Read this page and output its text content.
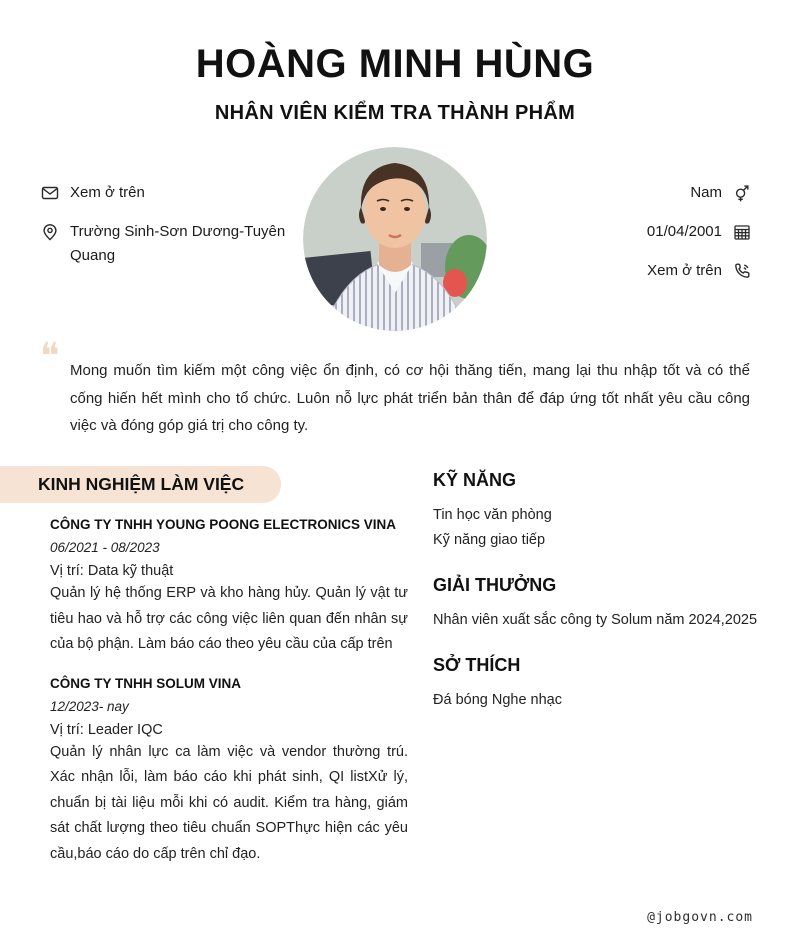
HOÀNG MINH HÙNG
NHÂN VIÊN KIỂM TRA THÀNH PHẨM
Xem ở trên
Trường Sinh-Sơn Dương-Tuyên Quang
Nam
01/04/2001
Xem ở trên
❝ Mong muốn tìm kiếm một công việc ổn định, có cơ hội thăng tiến, mang lại thu nhập tốt và có thể cống hiến hết mình cho tổ chức. Luôn nỗ lực phát triển bản thân để đáp ứng tốt nhất yêu cầu công việc và đóng góp giá trị cho công ty.

KINH NGHIỆM LÀM VIỆC
CÔNG TY TNHH YOUNG POONG ELECTRONICS VINA
06/2021 - 08/2023
Vị trí: Data kỹ thuật
Quản lý hệ thống ERP và kho hàng hủy. Quản lý vật tư tiêu hao và hỗ trợ các công việc liên quan đến nhân sự của bộ phận. Làm báo cáo theo yêu cầu của cấp trên
CÔNG TY TNHH SOLUM VINA
12/2023- nay
Vị trí: Leader IQC
Quản lý nhân lực ca làm việc và vendor thường trú. Xác nhận lỗi, làm báo cáo khi phát sinh, QI listXử lý, chuẩn bị tài liệu mỗi khi có audit. Kiểm tra hàng, giám sát chất lượng theo tiêu chuẩn SOPThực hiện các yêu cầu,báo cáo do cấp trên chỉ đạo.
KỸ NĂNG
Tin học văn phòng
Kỹ năng giao tiếp
GIẢI THƯỞNG
Nhân viên xuất sắc công ty Solum năm 2024,2025
SỞ THÍCH
Đá bóng Nghe nhạc
@jobgovn.com
